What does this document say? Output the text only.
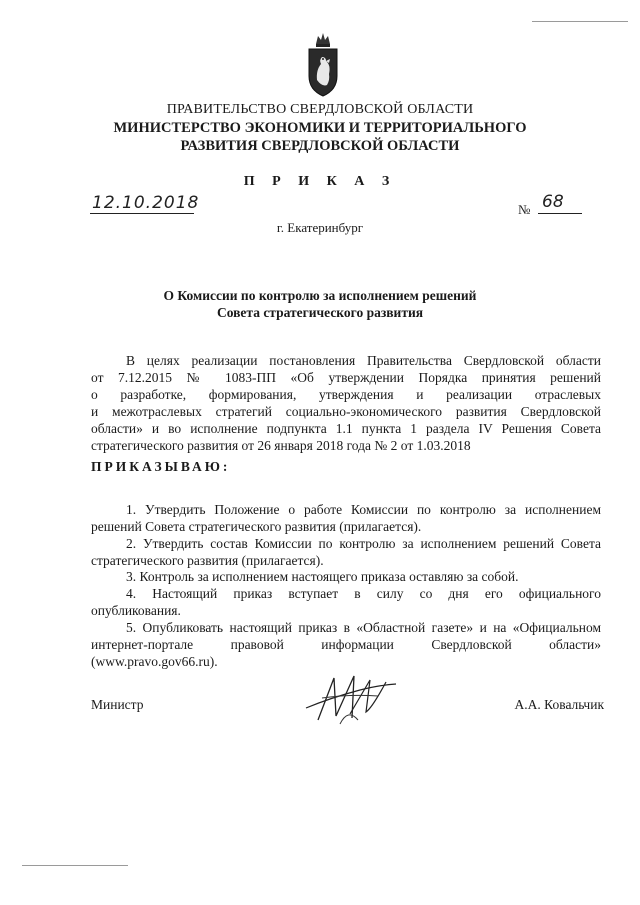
ПРАВИТЕЛЬСТВО СВЕРДЛОВСКОЙ ОБЛАСТИ
МИНИСТЕРСТВО ЭКОНОМИКИ И ТЕРРИТОРИАЛЬНОГО
РАЗВИТИЯ СВЕРДЛОВСКОЙ ОБЛАСТИ
П Р И К А З
12.10.2018	№ 68
г. Екатеринбург
О Комиссии по контролю за исполнением решений
Совета стратегического развития
В целях реализации постановления Правительства Свердловской области
от 7.12.2015 № 1083-ПП «Об утверждении Порядка принятия решений
о разработке, формирования, утверждения и реализации отраслевых
и межотраслевых стратегий социально-экономического развития Свердловской
области» и во исполнение подпункта 1.1 пункта 1 раздела IV Решения Совета
стратегического развития от 26 января 2018 года № 2 от 1.03.2018
ПРИКАЗЫВАЮ:
1. Утвердить Положение о работе Комиссии по контролю за исполнением
решений Совета стратегического развития (прилагается).
2. Утвердить состав Комиссии по контролю за исполнением решений Совета
стратегического развития (прилагается).
3. Контроль за исполнением настоящего приказа оставляю за собой.
4. Настоящий приказ вступает в силу со дня его официального
опубликования.
5. Опубликовать настоящий приказ в «Областной газете» и на «Официальном
интернет-портале правовой информации Свердловской области»
(www.pravo.gov66.ru).
Министр	А.А. Ковальчик
